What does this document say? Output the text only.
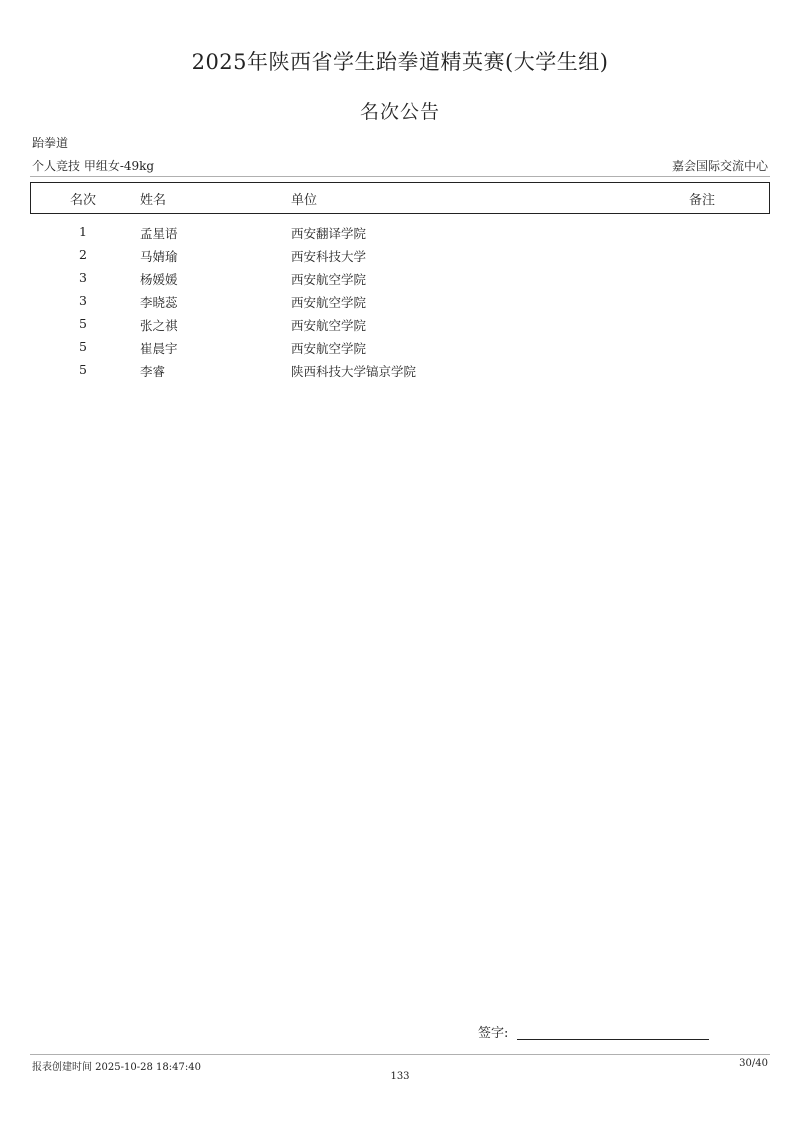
2025年陕西省学生跆拳道精英赛(大学生组)
名次公告
跆拳道
个人竞技 甲组女-49kg	嘉会国际交流中心
名次	姓名	单位	备注
1	孟星语	西安翻译学院
2	马婧瑜	西安科技大学
3	杨媛媛	西安航空学院
3	李晓蕊	西安航空学院
5	张之祺	西安航空学院
5	崔晨宇	西安航空学院
5	李睿	陕西科技大学镐京学院
签字:
报表创建时间 2025-10-28 18:47:40	30/40
133
